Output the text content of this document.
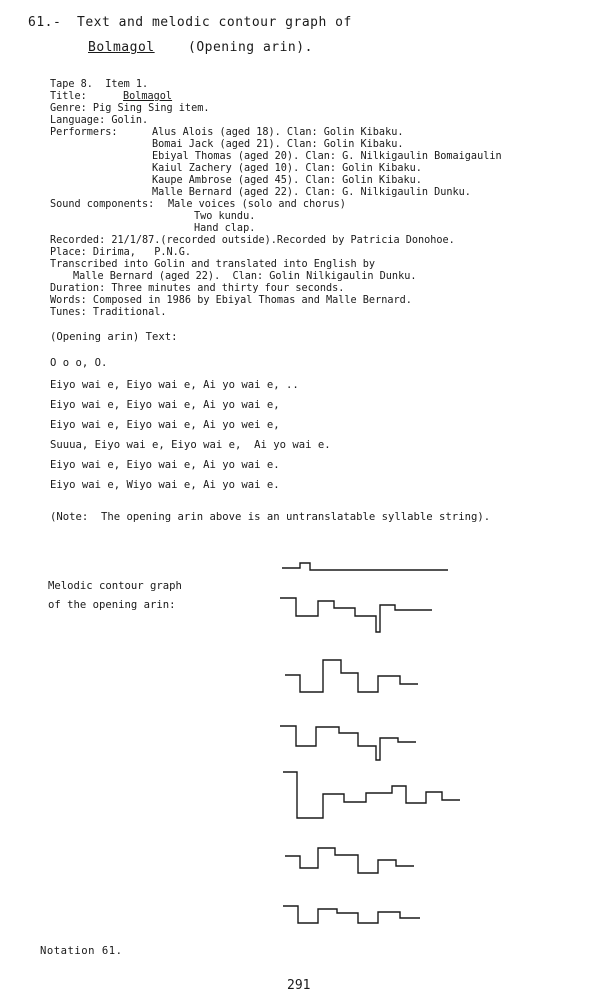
61.- Text and melodic contour graph of
Bolmagol	(Opening arin).
Tape 8.  Item 1.
Title:	Bolmagol
Genre: Pig Sing Sing item.
Language: Golin.
Performers:	Alus Alois (aged 18). Clan: Golin Kibaku.
Bomai Jack (aged 21). Clan: Golin Kibaku.
Ebiyal Thomas (aged 20). Clan: G. Nilkigaulin Bomaigaulin
Kaiul Zachery (aged 10). Clan: Golin Kibaku.
Kaupe Ambrose (aged 45). Clan: Golin Kibaku.
Malle Bernard (aged 22). Clan: G. Nilkigaulin Dunku.
Sound components: Male voices (solo and chorus)
Two kundu.
Hand clap.
Recorded: 21/1/87.(recorded outside).Recorded by Patricia Donohoe.
Place: Dirima,   P.N.G.
Transcribed into Golin and translated into English by
Malle Bernard (aged 22).  Clan: Golin Nilkigaulin Dunku.
Duration: Three minutes and thirty four seconds.
Words: Composed in 1986 by Ebiyal Thomas and Malle Bernard.
Tunes: Traditional.
(Opening arin) Text:
O o o, O.
Eiyo wai e, Eiyo wai e, Ai yo wai e, ..
Eiyo wai e, Eiyo wai e, Ai yo wai e,
Eiyo wai e, Eiyo wai e, Ai yo wei e,
Suuua, Eiyo wai e, Eiyo wai e,  Ai yo wai e.
Eiyo wai e, Eiyo wai e, Ai yo wai e.
Eiyo wai e, Wiyo wai e, Ai yo wai e.
(Note:  The opening arin above is an untranslatable syllable string).
Melodic contour graph
of the opening arin:
Notation 61.
291
